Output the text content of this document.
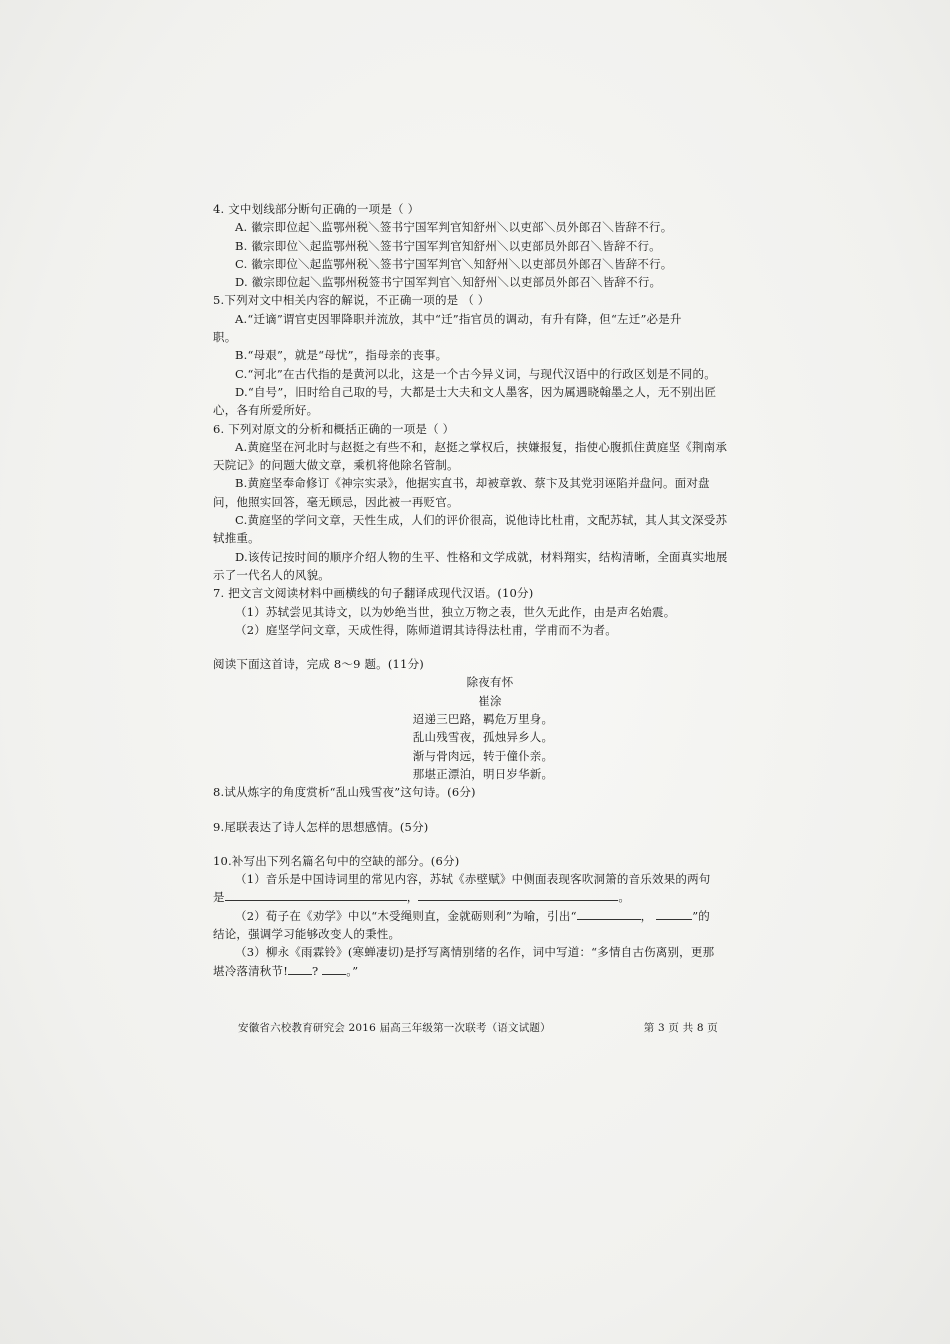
4. 文中划线部分断句正确的一项是（ ）
A. 徽宗即位起＼监鄂州税＼签书宁国军判官知舒州＼以吏部＼员外郎召＼皆辞不行。
B. 徽宗即位＼起监鄂州税＼签书宁国军判官知舒州＼以吏部员外郎召＼皆辞不行。
C. 徽宗即位＼起监鄂州税＼签书宁国军判官＼知舒州＼以吏部员外郎召＼皆辞不行。
D. 徽宗即位起＼监鄂州税签书宁国军判官＼知舒州＼以吏部员外郎召＼皆辞不行。
5.下列对文中相关内容的解说，不正确一项的是 （ ）
A.“迁谪”谓官吏因罪降职并流放，其中“迁”指官员的调动，有升有降，但“左迁”必是升
职。
B.“母艰”，就是“母忧”，指母亲的丧事。
C.“河北”在古代指的是黄河以北，这是一个古今异义词，与现代汉语中的行政区划是不同的。
D.“自号”，旧时给自己取的号，大都是士大夫和文人墨客，因为属遇晓翰墨之人，无不别出匠
心，各有所爱所好。
6. 下列对原文的分析和概括正确的一项是（ ）
A.黄庭坚在河北时与赵挺之有些不和，赵挺之掌权后，挟嫌报复，指使心腹抓住黄庭坚《荆南承
天院记》的问题大做文章，乘机将他除名管制。
B.黄庭坚奉命修订《神宗实录》，他据实直书，却被章敦、蔡卞及其党羽诬陷并盘问。面对盘
问，他照实回答，毫无顾忌，因此被一再贬官。
C.黄庭坚的学问文章，天性生成，人们的评价很高，说他诗比杜甫，文配苏轼，其人其文深受苏
轼推重。
D.该传记按时间的顺序介绍人物的生平、性格和文学成就，材料翔实，结构清晰，全面真实地展
示了一代名人的风貌。
7. 把文言文阅读材料中画横线的句子翻译成现代汉语。(10分)
（1）苏轼尝见其诗文，以为妙绝当世，独立万物之表，世久无此作，由是声名始震。
（2）庭坚学问文章，天成性得，陈师道谓其诗得法杜甫，学甫而不为者。
阅读下面这首诗，完成 8～9 题。(11分)
除夜有怀
崔涂
迢递三巴路，羁危万里身。
乱山残雪夜，孤烛异乡人。
渐与骨肉远，转于僮仆亲。
那堪正漂泊，明日岁华新。
8.试从炼字的角度赏析“乱山残雪夜”这句诗。(6分)
9.尾联表达了诗人怎样的思想感情。(5分)
10.补写出下列名篇名句中的空缺的部分。(6分)
（1）音乐是中国诗词里的常见内容，苏轼《赤壁赋》中侧面表现客吹洞箫的音乐效果的两句
是	，	。
（2）荀子在《劝学》中以“木受绳则直，金就砺则利”为喻，引出“	，	”的
结论，强调学习能够改变人的秉性。
（3）柳永《雨霖铃》(寒蝉凄切)是抒写离情别绪的名作，词中写道：“多情自古伤离别，更那
堪冷落清秋节! ? 。”
安徽省六校教育研究会 2016 届高三年级第一次联考（语文试题）	第 3 页 共 8 页
